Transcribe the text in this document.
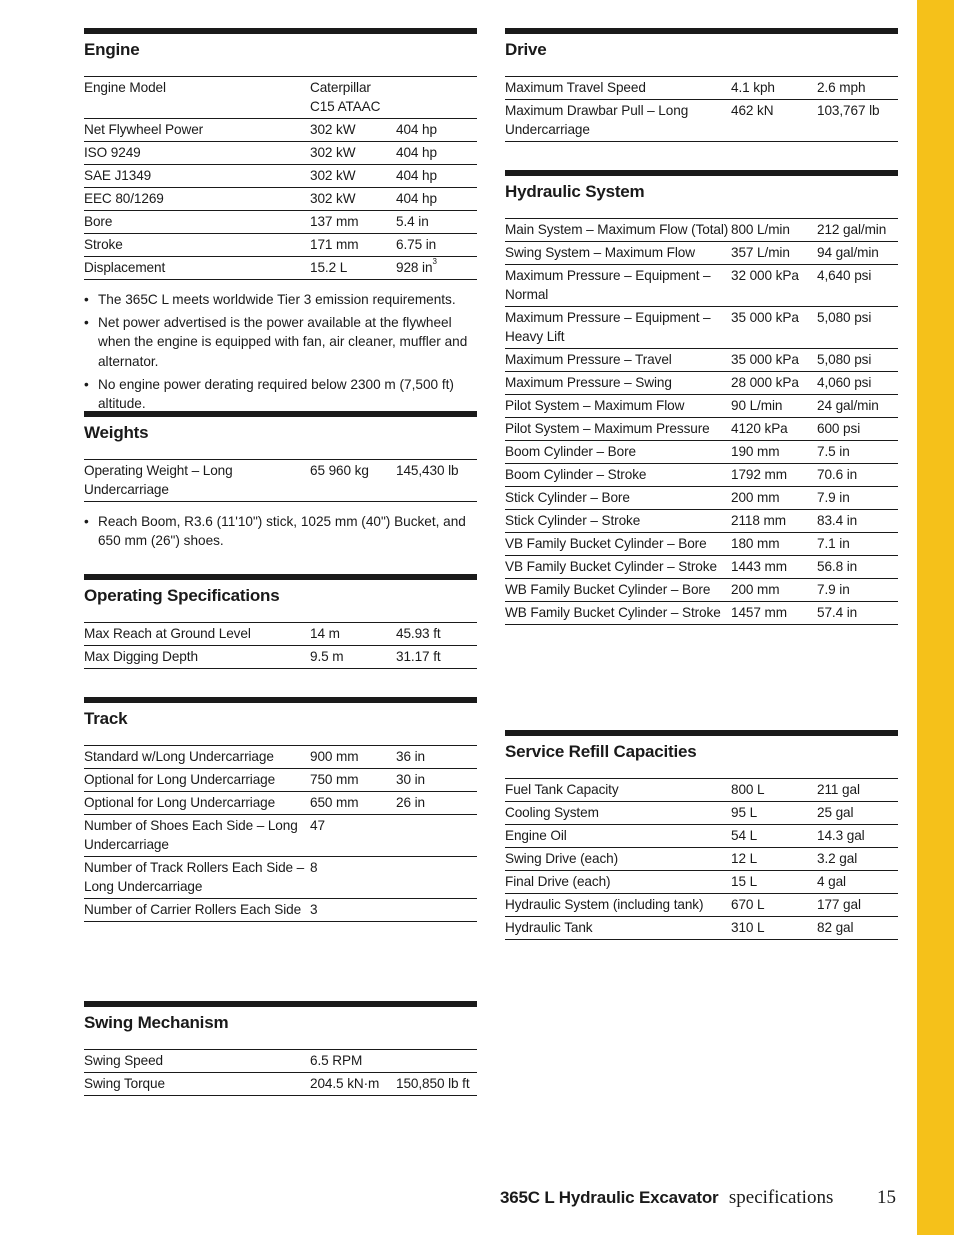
Engine
Engine Model	Caterpillar C15 ATAAC	
Net Flywheel Power	302 kW	404 hp
ISO 9249	302 kW	404 hp
SAE J1349	302 kW	404 hp
EEC 80/1269	302 kW	404 hp
Bore	137 mm	5.4 in
Stroke	171 mm	6.75 in
Displacement	15.2 L	928 $in^3$
• The 365C L meets worldwide Tier 3 emission requirements.
• Net power advertised is the power available at the flywheel when the engine is equipped with fan, air cleaner, muffler and alternator.
• No engine power derating required below 2300 m (7,500 ft) altitude.
Weights
Operating Weight – Long Undercarriage	65 960 kg	145,430 lb
• Reach Boom, R3.6 (11'10") stick, 1025 mm (40") Bucket, and 650 mm (26") shoes.
Operating Specifications
Max Reach at Ground Level	14 m	45.93 ft
Max Digging Depth	9.5 m	31.17 ft
Track
Standard w/Long Undercarriage	900 mm	36 in
Optional for Long Undercarriage	750 mm	30 in
Optional for Long Undercarriage	650 mm	26 in
Number of Shoes Each Side – Long Undercarriage	47	
Number of Track Rollers Each Side – Long Undercarriage	8	
Number of Carrier Rollers Each Side	3	
Swing Mechanism
Swing Speed	6.5 RPM	
Swing Torque	204.5 kN·m	150,850 lb ft
Drive
Maximum Travel Speed	4.1 kph	2.6 mph
Maximum Drawbar Pull – Long Undercarriage	462 kN	103,767 lb
Hydraulic System
Main System – Maximum Flow (Total)	800 L/min	212 gal/min
Swing System – Maximum Flow	357 L/min	94 gal/min
Maximum Pressure – Equipment – Normal	32 000 kPa	4,640 psi
Maximum Pressure – Equipment – Heavy Lift	35 000 kPa	5,080 psi
Maximum Pressure – Travel	35 000 kPa	5,080 psi
Maximum Pressure – Swing	28 000 kPa	4,060 psi
Pilot System – Maximum Flow	90 L/min	24 gal/min
Pilot System – Maximum Pressure	4120 kPa	600 psi
Boom Cylinder – Bore	190 mm	7.5 in
Boom Cylinder – Stroke	1792 mm	70.6 in
Stick Cylinder – Bore	200 mm	7.9 in
Stick Cylinder – Stroke	2118 mm	83.4 in
VB Family Bucket Cylinder – Bore	180 mm	7.1 in
VB Family Bucket Cylinder – Stroke	1443 mm	56.8 in
WB Family Bucket Cylinder – Bore	200 mm	7.9 in
WB Family Bucket Cylinder – Stroke	1457 mm	57.4 in
Service Refill Capacities
Fuel Tank Capacity	800 L	211 gal
Cooling System	95 L	25 gal
Engine Oil	54 L	14.3 gal
Swing Drive (each)	12 L	3.2 gal
Final Drive (each)	15 L	4 gal
Hydraulic System (including tank)	670 L	177 gal
Hydraulic Tank	310 L	82 gal
365C L Hydraulic Excavator specifications 15
